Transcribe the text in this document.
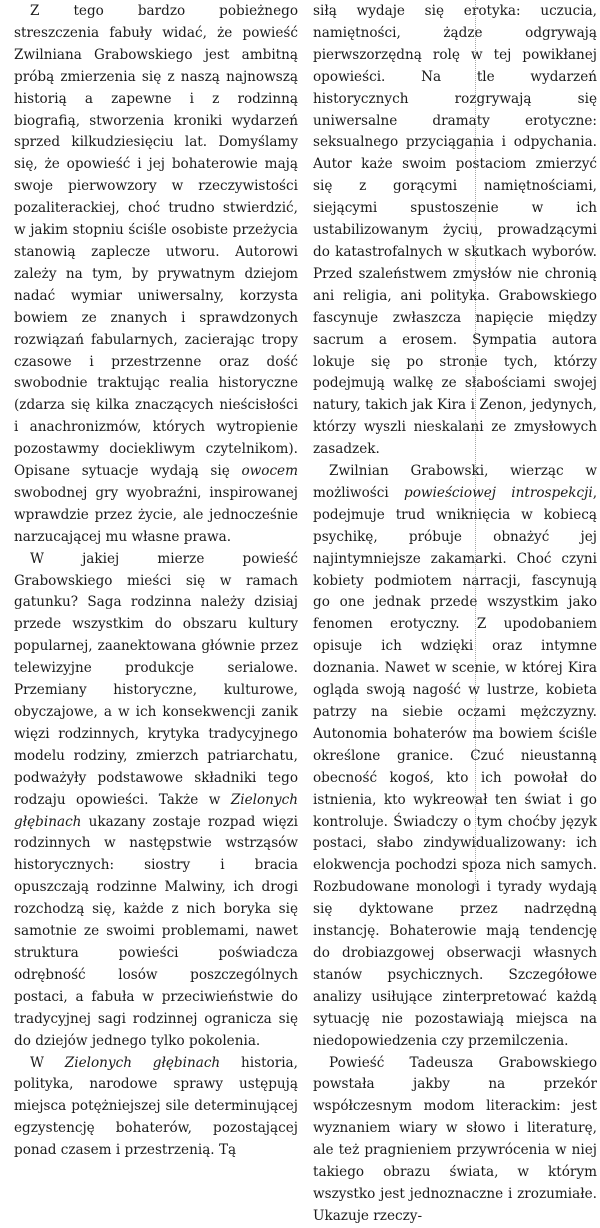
Z tego bardzo pobieżnego streszczenia fabuły widać, że powieść Zwilniana Grabowskiego jest ambitną próbą zmierzenia się z naszą najnowszą historią a zapewne i z rodzinną biografią, stworzenia kroniki wydarzeń sprzed kilkudziesięciu lat. Domyślamy się, że opowieść i jej bohaterowie mają swoje pierwowzory w rzeczywistości pozaliterackiej, choć trudno stwierdzić, w jakim stopniu ściśle osobiste przeżycia stanowią zaplecze utworu. Autorowi zależy na tym, by prywatnym dziejom nadać wymiar uniwersalny, korzysta bowiem ze znanych i sprawdzonych rozwiązań fabularnych, zacierając tropy czasowe i przestrzenne oraz dość swobodnie traktując realia historyczne (zdarza się kilka znaczących nieścisłości i anachronizmów, których wytropienie pozostawmy dociekliwym czytelnikom). Opisane sytuacje wydają się owocem swobodnej gry wyobraźni, inspirowanej wprawdzie przez życie, ale jednocześnie narzucającej mu własne prawa.

W jakiej mierze powieść Grabowskiego mieści się w ramach gatunku? Saga rodzinna należy dzisiaj przede wszystkim do obszaru kultury popularnej, zaanektowana głównie przez telewizyjne produkcje serialowe. Przemiany historyczne, kulturowe, obyczajowe, a w ich konsekwencji zanik więzi rodzinnych, krytyka tradycyjnego modelu rodziny, zmierzch patriarchatu, podważyły podstawowe składniki tego rodzaju opowieści. Także w Zielonych głębinach ukazany zostaje rozpad więzi rodzinnych w następstwie wstrząsów historycznych: siostry i bracia opuszczają rodzinne Malwiny, ich drogi rozchodzą się, każde z nich boryka się samotnie ze swoimi problemami, nawet struktura powieści poświadcza odrębność losów poszczególnych postaci, a fabuła w przeciwieństwie do tradycyjnej sagi rodzinnej ogranicza się do dziejów jednego tylko pokolenia.

W Zielonych głębinach historia, polityka, narodowe sprawy ustępują miejsca potężniejszej sile determinującej egzystencję bohaterów, pozostającej ponad czasem i przestrzenią. Tą

siłą wydaje się erotyka: uczucia, namiętności, żądze odgrywają pierwszorzędną rolę w tej powikłanej opowieści. Na tle wydarzeń historycznych rozgrywają się uniwersalne dramaty erotyczne: seksualnego przyciągania i odpychania. Autor każe swoim postaciom zmierzyć się z gorącymi namiętnościami, siejącymi spustoszenie w ich ustabilizowanym życiu, prowadzącymi do katastrofalnych w skutkach wyborów. Przed szaleństwem zmysłów nie chronią ani religia, ani polityka. Grabowskiego fascynuje zwłaszcza napięcie między sacrum a erosem. Sympatia autora lokuje się po stronie tych, którzy podejmują walkę ze słabościami swojej natury, takich jak Kira i Zenon, jedynych, którzy wyszli nieskalani ze zmysłowych zasadzek.

Zwilnian Grabowski, wierząc w możliwości powieściowej introspekcji, podejmuje trud wniknięcia w kobiecą psychikę, próbuje obnażyć jej najintymniejsze zakamarki. Choć czyni kobiety podmiotem narracji, fascynują go one jednak przede wszystkim jako fenomen erotyczny. Z upodobaniem opisuje ich wdzięki oraz intymne doznania. Nawet w scenie, w której Kira ogląda swoją nagość w lustrze, kobieta patrzy na siebie oczami mężczyzny. Autonomia bohaterów ma bowiem ściśle określone granice. Czuć nieustanną obecność kogoś, kto ich powołał do istnienia, kto wykreował ten świat i go kontroluje. Świadczy o tym choćby język postaci, słabo zindywidualizowany: ich elokwencja pochodzi spoza nich samych. Rozbudowane monologi i tyrady wydają się dyktowane przez nadrzędną instancję. Bohaterowie mają tendencję do drobiazgowej obserwacji własnych stanów psychicznych. Szczegółowe analizy usiłujące zinterpretować każdą sytuację nie pozostawiają miejsca na niedopowiedzenia czy przemilczenia.

Powieść Tadeusza Grabowskiego powstała jakby na przekór współczesnym modom literackim: jest wyznaniem wiary w słowo i literaturę, ale też pragnieniem przywrócenia w niej takiego obrazu świata, w którym wszystko jest jednoznaczne i zrozumiałe. Ukazuje rzeczy-
